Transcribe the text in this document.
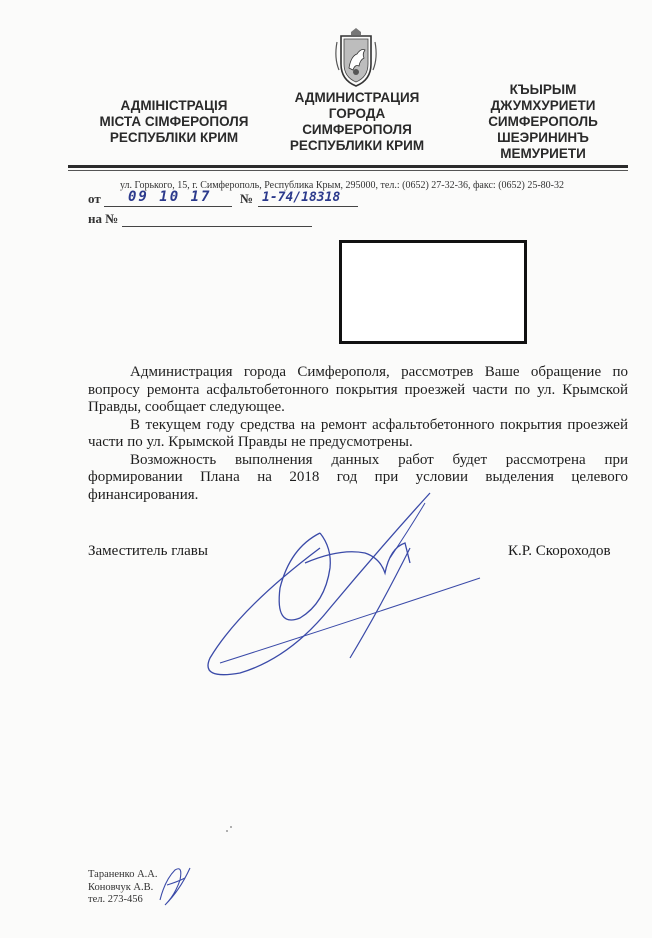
АДМІНІСТРАЦІЯ
МІСТА СІМФЕРОПОЛЯ
РЕСПУБЛІКИ КРИМ
АДМИНИСТРАЦИЯ
ГОРОДА
СИМФЕРОПОЛЯ
РЕСПУБЛИКИ КРИМ
КЪЫРЫМ
ДЖУМХУРИЕТИ
СИМФЕРОПОЛЬ
ШЕЭРИНИНЪ
МЕМУРИЕТИ
ул. Горького, 15, г. Симферополь, Республика Крым, 295000, тел.: (0652) 27-32-36, факс: (0652) 25-80-32
от 09 10 17 № 1-74/18318
на №

Администрация города Симферополя, рассмотрев Ваше обращение по вопросу ремонта асфальтобетонного покрытия проезжей части по ул. Крымской Правды, сообщает следующее.

В текущем году средства на ремонт асфальтобетонного покрытия проезжей части по ул. Крымской Правды не предусмотрены.

Возможность выполнения данных работ будет рассмотрена при формировании Плана на 2018 год при условии выделения целевого финансирования.

Заместитель главы	К.Р. Скороходов
Тараненко А.А.
Коновчук А.В.
тел. 273-456
